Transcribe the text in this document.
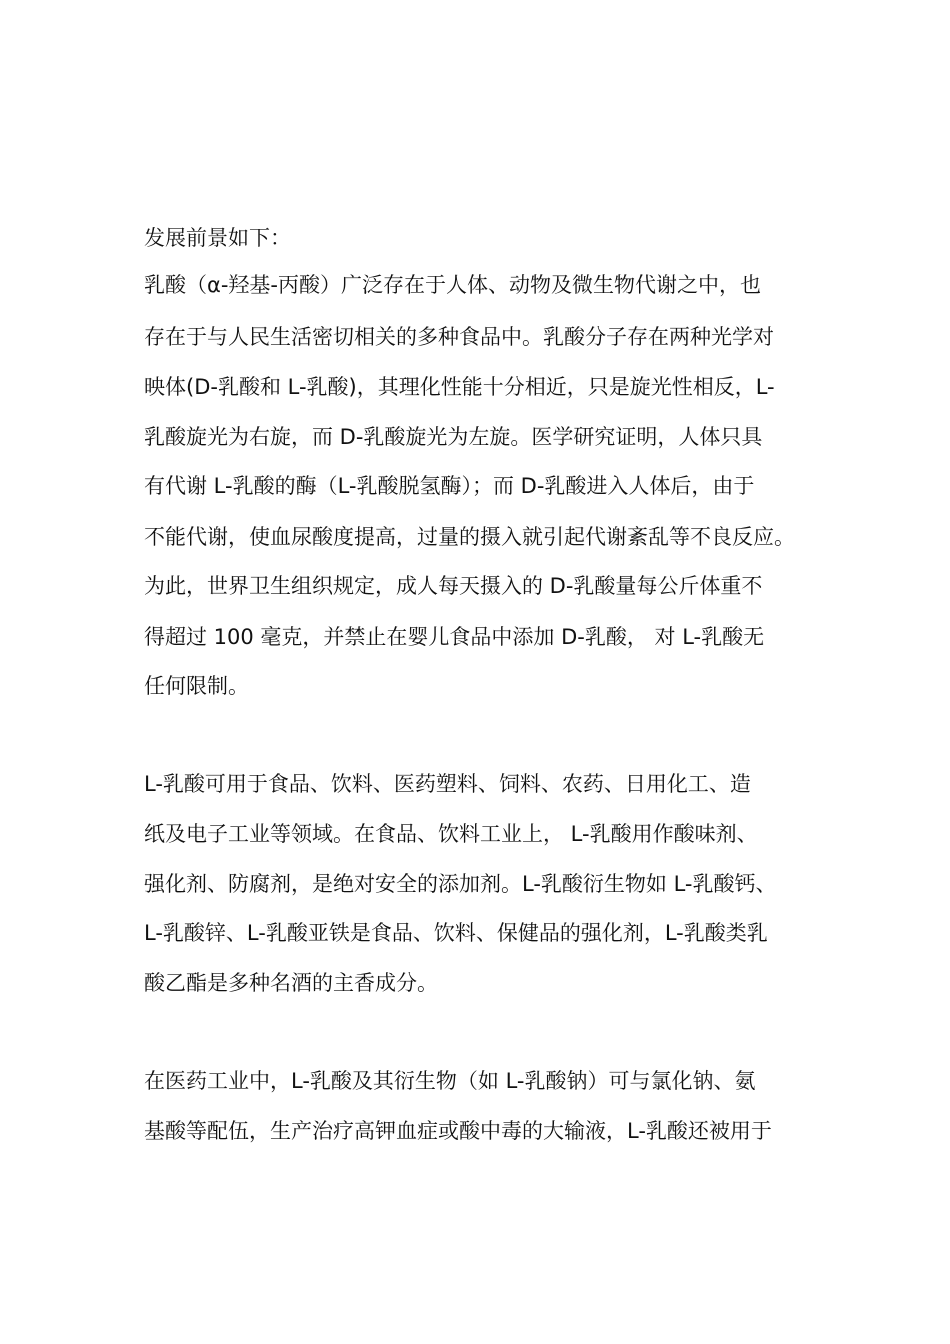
发展前景如下：
乳酸（α-羟基-丙酸）广泛存在于人体、动物及微生物代谢之中，也
存在于与人民生活密切相关的多种食品中。乳酸分子存在两种光学对
映体(D-乳酸和 L-乳酸)，其理化性能十分相近，只是旋光性相反，L-
乳酸旋光为右旋，而 D-乳酸旋光为左旋。医学研究证明，人体只具
有代谢 L-乳酸的酶（L-乳酸脱氢酶）；而 D-乳酸进入人体后，由于
不能代谢，使血尿酸度提高，过量的摄入就引起代谢紊乱等不良反应。
为此，世界卫生组织规定，成人每天摄入的 D-乳酸量每公斤体重不
得超过 100 毫克，并禁止在婴儿食品中添加 D-乳酸， 对 L-乳酸无
任何限制。
L-乳酸可用于食品、饮料、医药塑料、饲料、农药、日用化工、造
纸及电子工业等领域。在食品、饮料工业上， L-乳酸用作酸味剂、
强化剂、防腐剂，是绝对安全的添加剂。L-乳酸衍生物如 L-乳酸钙、
L-乳酸锌、L-乳酸亚铁是食品、饮料、保健品的强化剂，L-乳酸类乳
酸乙酯是多种名酒的主香成分。
在医药工业中，L-乳酸及其衍生物（如 L-乳酸钠）可与氯化钠、氨
基酸等配伍，生产治疗高钾血症或酸中毒的大输液，L-乳酸还被用于
